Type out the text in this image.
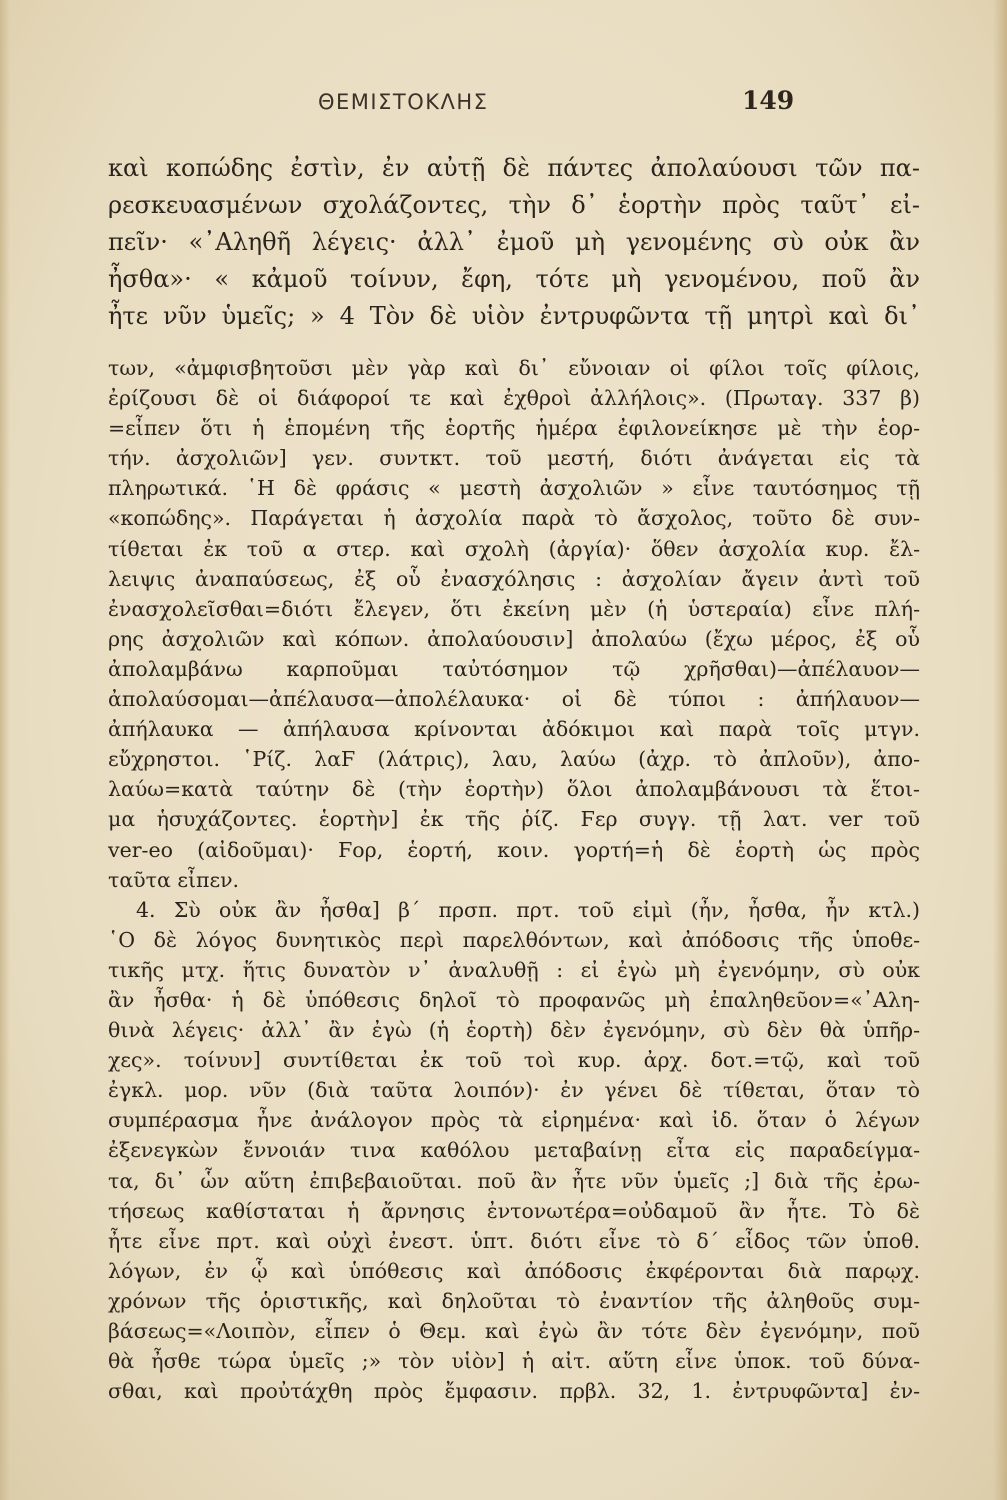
ΘΕΜΙΣΤΟΚΛΗΣ	149
καὶ κοπώδης ἐστὶν, ἐν αὐτῇ δὲ πάντες ἀπολαύουσι τῶν πα-
ρεσκευασμένων σχολάζοντες, τὴν δ᾽ ἑορτὴν πρὸς ταῦτ᾽ εἰ-
πεῖν· «᾽Αληθῆ λέγεις· ἀλλ᾽ ἐμοῦ μὴ γενομένης σὺ οὐκ ἂν
ἦσθα»· « κἀμοῦ τοίνυν, ἔφη, τότε μὴ γενομένου, ποῦ ἂν
ἦτε νῦν ὑμεῖς; » 4 Τὸν δὲ υἱὸν ἐντρυφῶντα τῇ μητρὶ καὶ δι᾽
των, «ἀμφισβητοῦσι μὲν γὰρ καὶ δι᾽ εὔνοιαν οἱ φίλοι τοῖς φίλοις,
ἐρίζουσι δὲ οἱ διάφοροί τε καὶ ἐχθροὶ ἀλλήλοις». (Πρωταγ. 337 β)
=εἶπεν ὅτι ἡ ἑπομένη τῆς ἑορτῆς ἡμέρα ἐφιλονείκησε μὲ τὴν ἑορ-
τήν. ἀσχολιῶν] γεν. συντκτ. τοῦ μεστή, διότι ἀνάγεται εἰς τὰ
πληρωτικά. ῾Η δὲ φράσις « μεστὴ ἀσχολιῶν » εἶνε ταυτόσημος τῇ
«κοπώδης». Παράγεται ἡ ἀσχολία παρὰ τὸ ἄσχολος, τοῦτο δὲ συν-
τίθεται ἐκ τοῦ α στερ. καὶ σχολὴ (ἀργία)· ὅθεν ἀσχολία κυρ. ἔλ-
λειψις ἀναπαύσεως, ἐξ οὗ ἐνασχόλησις : ἀσχολίαν ἄγειν ἀντὶ τοῦ
ἐνασχολεῖσθαι=διότι ἔλεγεν, ὅτι ἐκείνη μὲν (ἡ ὑστεραία) εἶνε πλή-
ρης ἀσχολιῶν καὶ κόπων. ἀπολαύουσιν] ἀπολαύω (ἔχω μέρος, ἐξ οὗ
ἀπολαμβάνω καρποῦμαι ταὐτόσημον τῷ χρῆσθαι)—ἀπέλαυον—
ἀπολαύσομαι—ἀπέλαυσα—ἀπολέλαυκα· οἱ δὲ τύποι : ἀπήλαυον—
ἀπήλαυκα — ἀπήλαυσα κρίνονται ἀδόκιμοι καὶ παρὰ τοῖς μτγν.
εὔχρηστοι. ῾Ρίζ. λαϜ (λάτρις), λαυ, λαύω (ἀχρ. τὸ ἀπλοῦν), ἀπο-
λαύω=κατὰ ταύτην δὲ (τὴν ἑορτὴν) ὅλοι ἀπολαμβάνουσι τὰ ἕτοι-
μα ἡσυχάζοντες. ἑορτὴν] ἐκ τῆς ῥίζ. Ϝερ συγγ. τῇ λατ. ver τοῦ
ver-eo (αἰδοῦμαι)· Ϝορ, ἑορτή, κοιν. γορτή=ἡ δὲ ἑορτὴ ὡς πρὸς
ταῦτα εἶπεν.
4. Σὺ οὐκ ἂν ἦσθα] β΄ πρσπ. πρτ. τοῦ εἰμὶ (ἦν, ἦσθα, ἦν κτλ.)
῾Ο δὲ λόγος δυνητικὸς περὶ παρελθόντων, καὶ ἀπόδοσις τῆς ὑποθε-
τικῆς μτχ. ἥτις δυνατὸν ν᾽ ἀναλυθῇ : εἰ ἐγὼ μὴ ἐγενόμην, σὺ οὐκ
ἂν ἦσθα· ἡ δὲ ὑπόθεσις δηλοῖ τὸ προφανῶς μὴ ἐπαληθεῦον=«᾽Αλη-
θινὰ λέγεις· ἀλλ᾽ ἂν ἐγὼ (ἡ ἑορτὴ) δὲν ἐγενόμην, σὺ δὲν θὰ ὑπῆρ-
χες». τοίνυν] συντίθεται ἐκ τοῦ τοὶ κυρ. ἀρχ. δοτ.=τῷ, καὶ τοῦ
ἐγκλ. μορ. νῦν (διὰ ταῦτα λοιπόν)· ἐν γένει δὲ τίθεται, ὅταν τὸ
συμπέρασμα ἦνε ἀνάλογον πρὸς τὰ εἰρημένα· καὶ ἰδ. ὅταν ὁ λέγων
ἐξενεγκὼν ἔννοιάν τινα καθόλου μεταβαίνῃ εἶτα εἰς παραδείγμα-
τα, δι᾽ ὧν αὕτη ἐπιβεβαιοῦται. ποῦ ἂν ἦτε νῦν ὑμεῖς ;] διὰ τῆς ἐρω-
τήσεως καθίσταται ἡ ἄρνησις ἐντονωτέρα=οὐδαμοῦ ἂν ἦτε. Τὸ δὲ
ἦτε εἶνε πρτ. καὶ οὐχὶ ἐνεστ. ὑπτ. διότι εἶνε τὸ δ΄ εἶδος τῶν ὑποθ.
λόγων, ἐν ᾧ καὶ ὑπόθεσις καὶ ἀπόδοσις ἐκφέρονται διὰ παρῳχ.
χρόνων τῆς ὁριστικῆς, καὶ δηλοῦται τὸ ἐναντίον τῆς ἀληθοῦς συμ-
βάσεως=«Λοιπὸν, εἶπεν ὁ Θεμ. καὶ ἐγὼ ἂν τότε δὲν ἐγενόμην, ποῦ
θὰ ἦσθε τώρα ὑμεῖς ;» τὸν υἱὸν] ἡ αἰτ. αὕτη εἶνε ὑποκ. τοῦ δύνα-
σθαι, καὶ προὐτάχθη πρὸς ἔμφασιν. πρβλ. 32, 1. ἐντρυφῶντα] ἐν-
